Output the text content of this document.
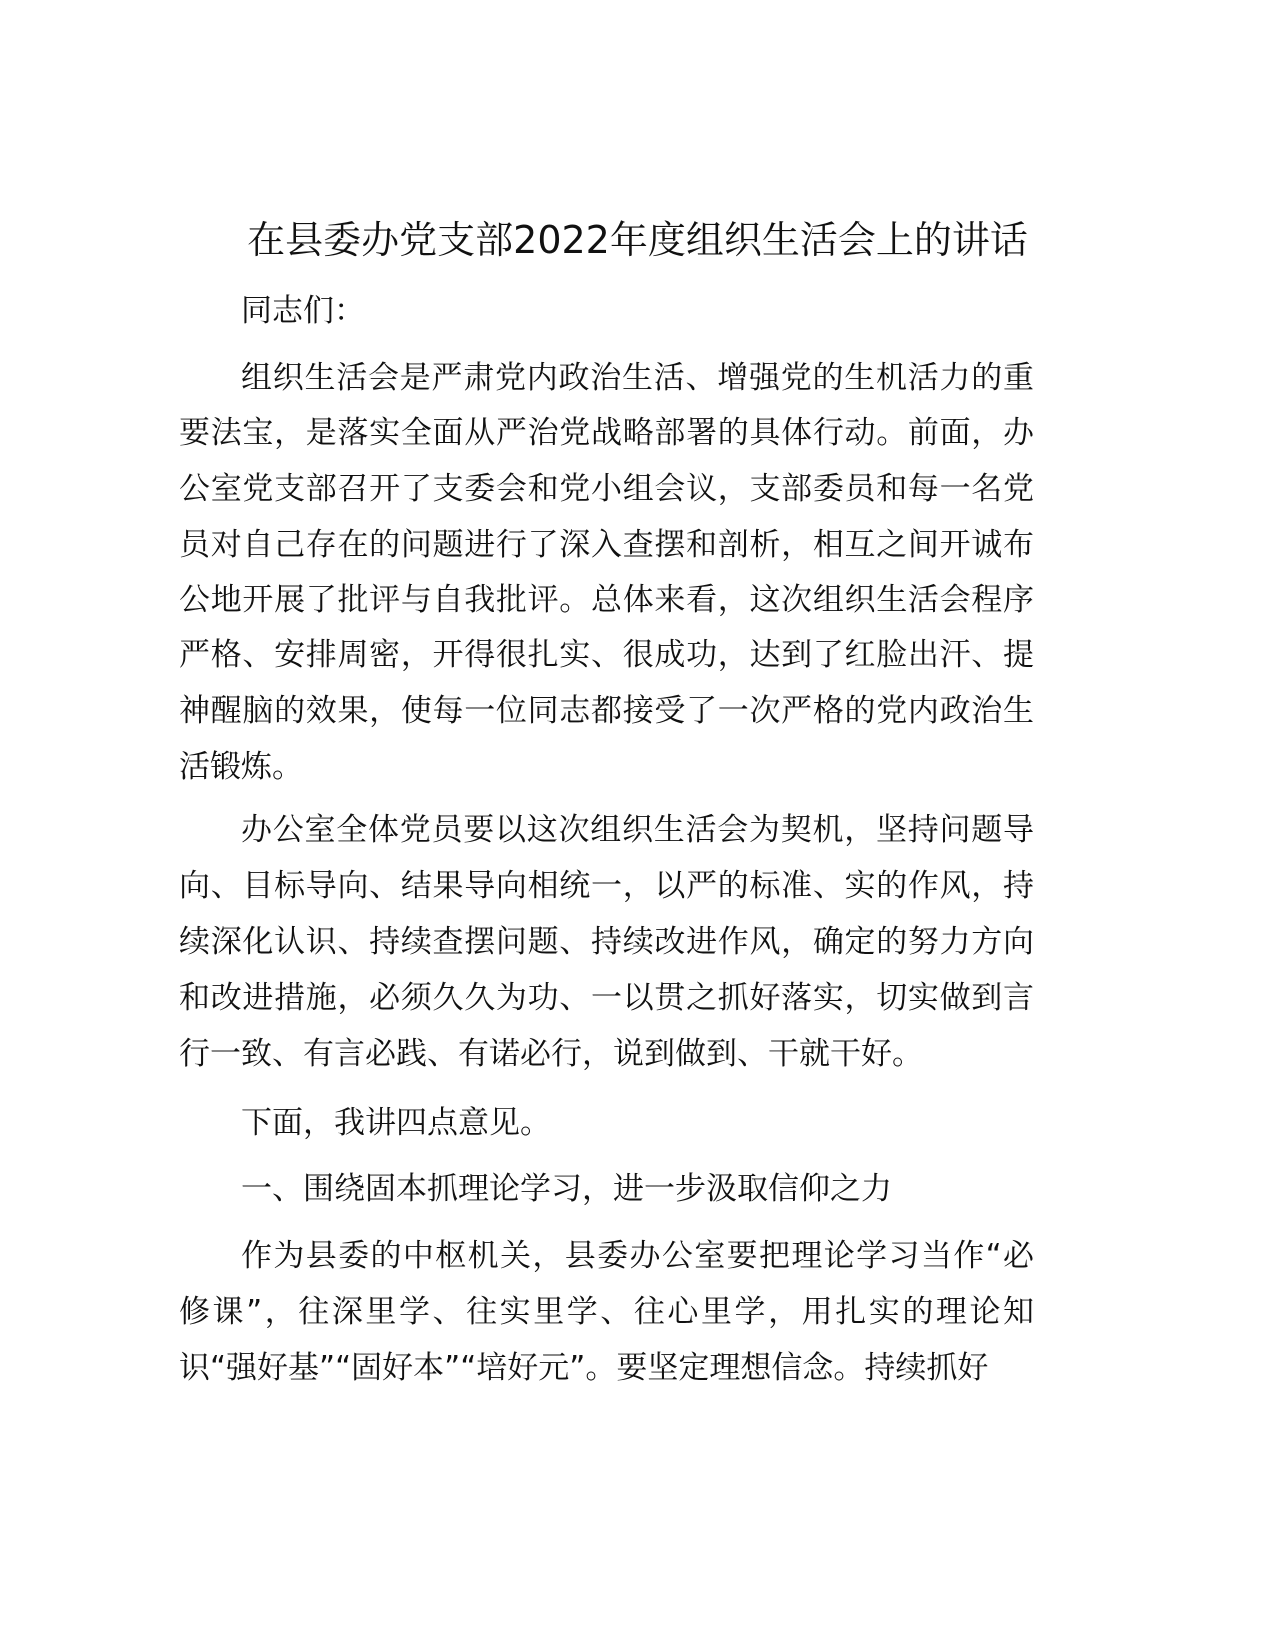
在县委办党支部2022年度组织生活会上的讲话
同志们：
组织生活会是严肃党内政治生活、增强党的生机活力的重
要法宝，是落实全面从严治党战略部署的具体行动。前面，办
公室党支部召开了支委会和党小组会议，支部委员和每一名党
员对自己存在的问题进行了深入查摆和剖析，相互之间开诚布
公地开展了批评与自我批评。总体来看，这次组织生活会程序
严格、安排周密，开得很扎实、很成功，达到了红脸出汗、提
神醒脑的效果，使每一位同志都接受了一次严格的党内政治生
活锻炼。
办公室全体党员要以这次组织生活会为契机，坚持问题导
向、目标导向、结果导向相统一，以严的标准、实的作风，持
续深化认识、持续查摆问题、持续改进作风，确定的努力方向
和改进措施，必须久久为功、一以贯之抓好落实，切实做到言
行一致、有言必践、有诺必行，说到做到、干就干好。
下面，我讲四点意见。
一、围绕固本抓理论学习，进一步汲取信仰之力
作为县委的中枢机关，县委办公室要把理论学习当作“必
修课”，往深里学、往实里学、往心里学，用扎实的理论知
识“强好基”“固好本”“培好元”。要坚定理想信念。持续抓好
